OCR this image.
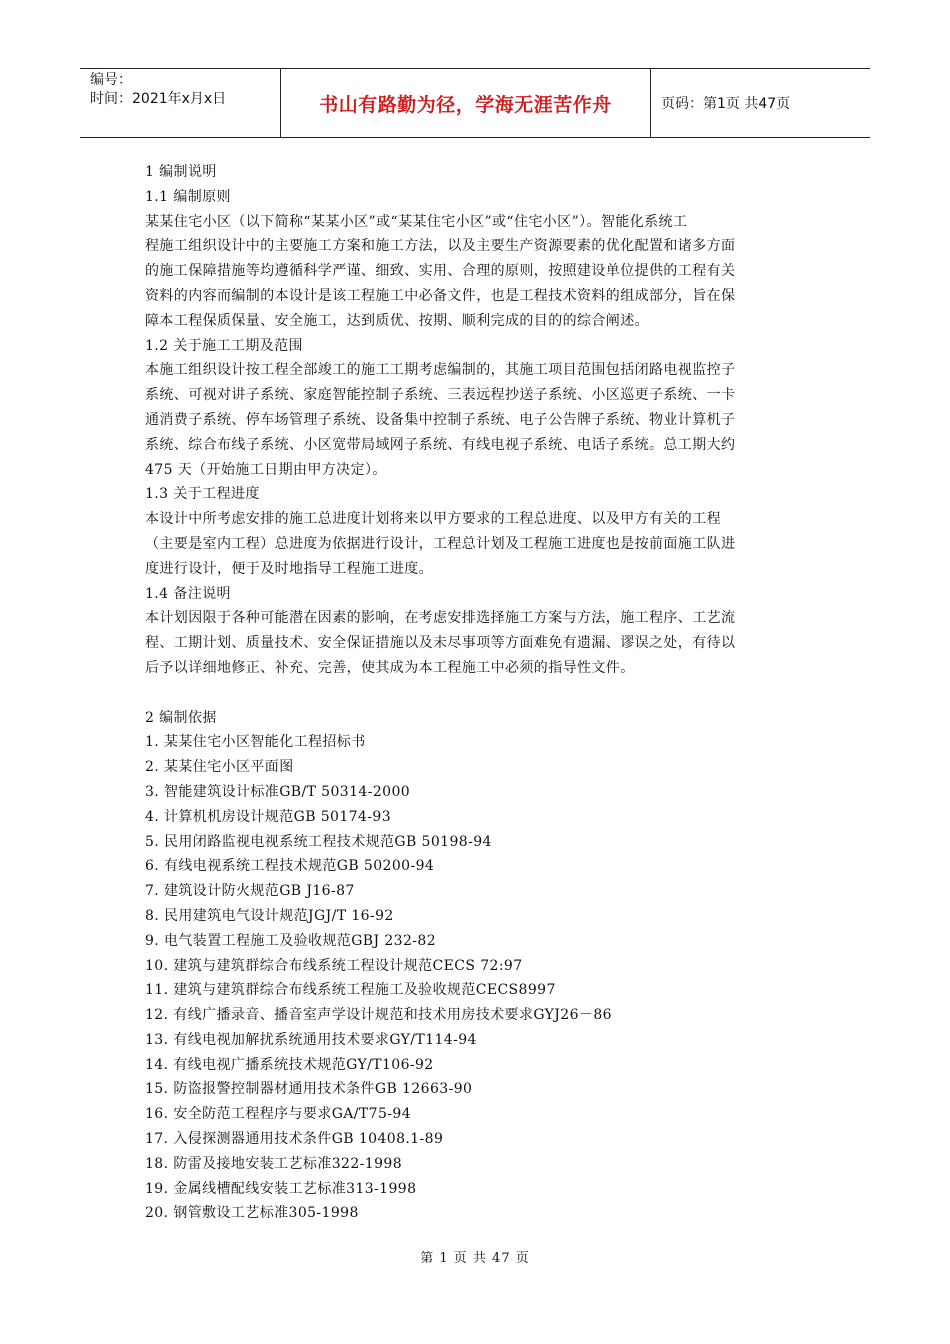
编号：
时间：2021年x月x日	书山有路勤为径，学海无涯苦作舟	页码：第1页 共47页
1 编制说明
1.1 编制原则
某某住宅小区（以下简称“某某小区”或“某某住宅小区”或“住宅小区”）。智能化系统工
程施工组织设计中的主要施工方案和施工方法，以及主要生产资源要素的优化配置和诸多方面
的施工保障措施等均遵循科学严谨、细致、实用、合理的原则，按照建设单位提供的工程有关
资料的内容而编制的本设计是该工程施工中必备文件，也是工程技术资料的组成部分，旨在保
障本工程保质保量、安全施工，达到质优、按期、顺利完成的目的的综合阐述。
1.2 关于施工工期及范围
本施工组织设计按工程全部竣工的施工工期考虑编制的，其施工项目范围包括闭路电视监控子
系统、可视对讲子系统、家庭智能控制子系统、三表远程抄送子系统、小区巡更子系统、一卡
通消费子系统、停车场管理子系统、设备集中控制子系统、电子公告牌子系统、物业计算机子
系统、综合布线子系统、小区宽带局域网子系统、有线电视子系统、电话子系统。总工期大约
475 天（开始施工日期由甲方决定）。
1.3 关于工程进度
本设计中所考虑安排的施工总进度计划将来以甲方要求的工程总进度、以及甲方有关的工程
（主要是室内工程）总进度为依据进行设计，工程总计划及工程施工进度也是按前面施工队进
度进行设计，便于及时地指导工程施工进度。
1.4 备注说明
本计划因限于各种可能潜在因素的影响，在考虑安排选择施工方案与方法，施工程序、工艺流
程、工期计划、质量技术、安全保证措施以及未尽事项等方面难免有遗漏、谬误之处，有待以
后予以详细地修正、补充、完善，使其成为本工程施工中必须的指导性文件。
2 编制依据
1. 某某住宅小区智能化工程招标书
2. 某某住宅小区平面图
3. 智能建筑设计标准GB/T 50314-2000
4. 计算机机房设计规范GB 50174-93
5. 民用闭路监视电视系统工程技术规范GB 50198-94
6. 有线电视系统工程技术规范GB 50200-94
7. 建筑设计防火规范GB J16-87
8. 民用建筑电气设计规范JGJ/T 16-92
9. 电气装置工程施工及验收规范GBJ 232-82
10. 建筑与建筑群综合布线系统工程设计规范CECS 72:97
11. 建筑与建筑群综合布线系统工程施工及验收规范CECS8997
12. 有线广播录音、播音室声学设计规范和技术用房技术要求GYJ26－86
13. 有线电视加解扰系统通用技术要求GY/T114-94
14. 有线电视广播系统技术规范GY/T106-92
15. 防盗报警控制器材通用技术条件GB 12663-90
16. 安全防范工程程序与要求GA/T75-94
17. 入侵探测器通用技术条件GB 10408.1-89
18. 防雷及接地安装工艺标准322-1998
19. 金属线槽配线安装工艺标准313-1998
20. 钢管敷设工艺标准305-1998
第 1 页 共 47 页
